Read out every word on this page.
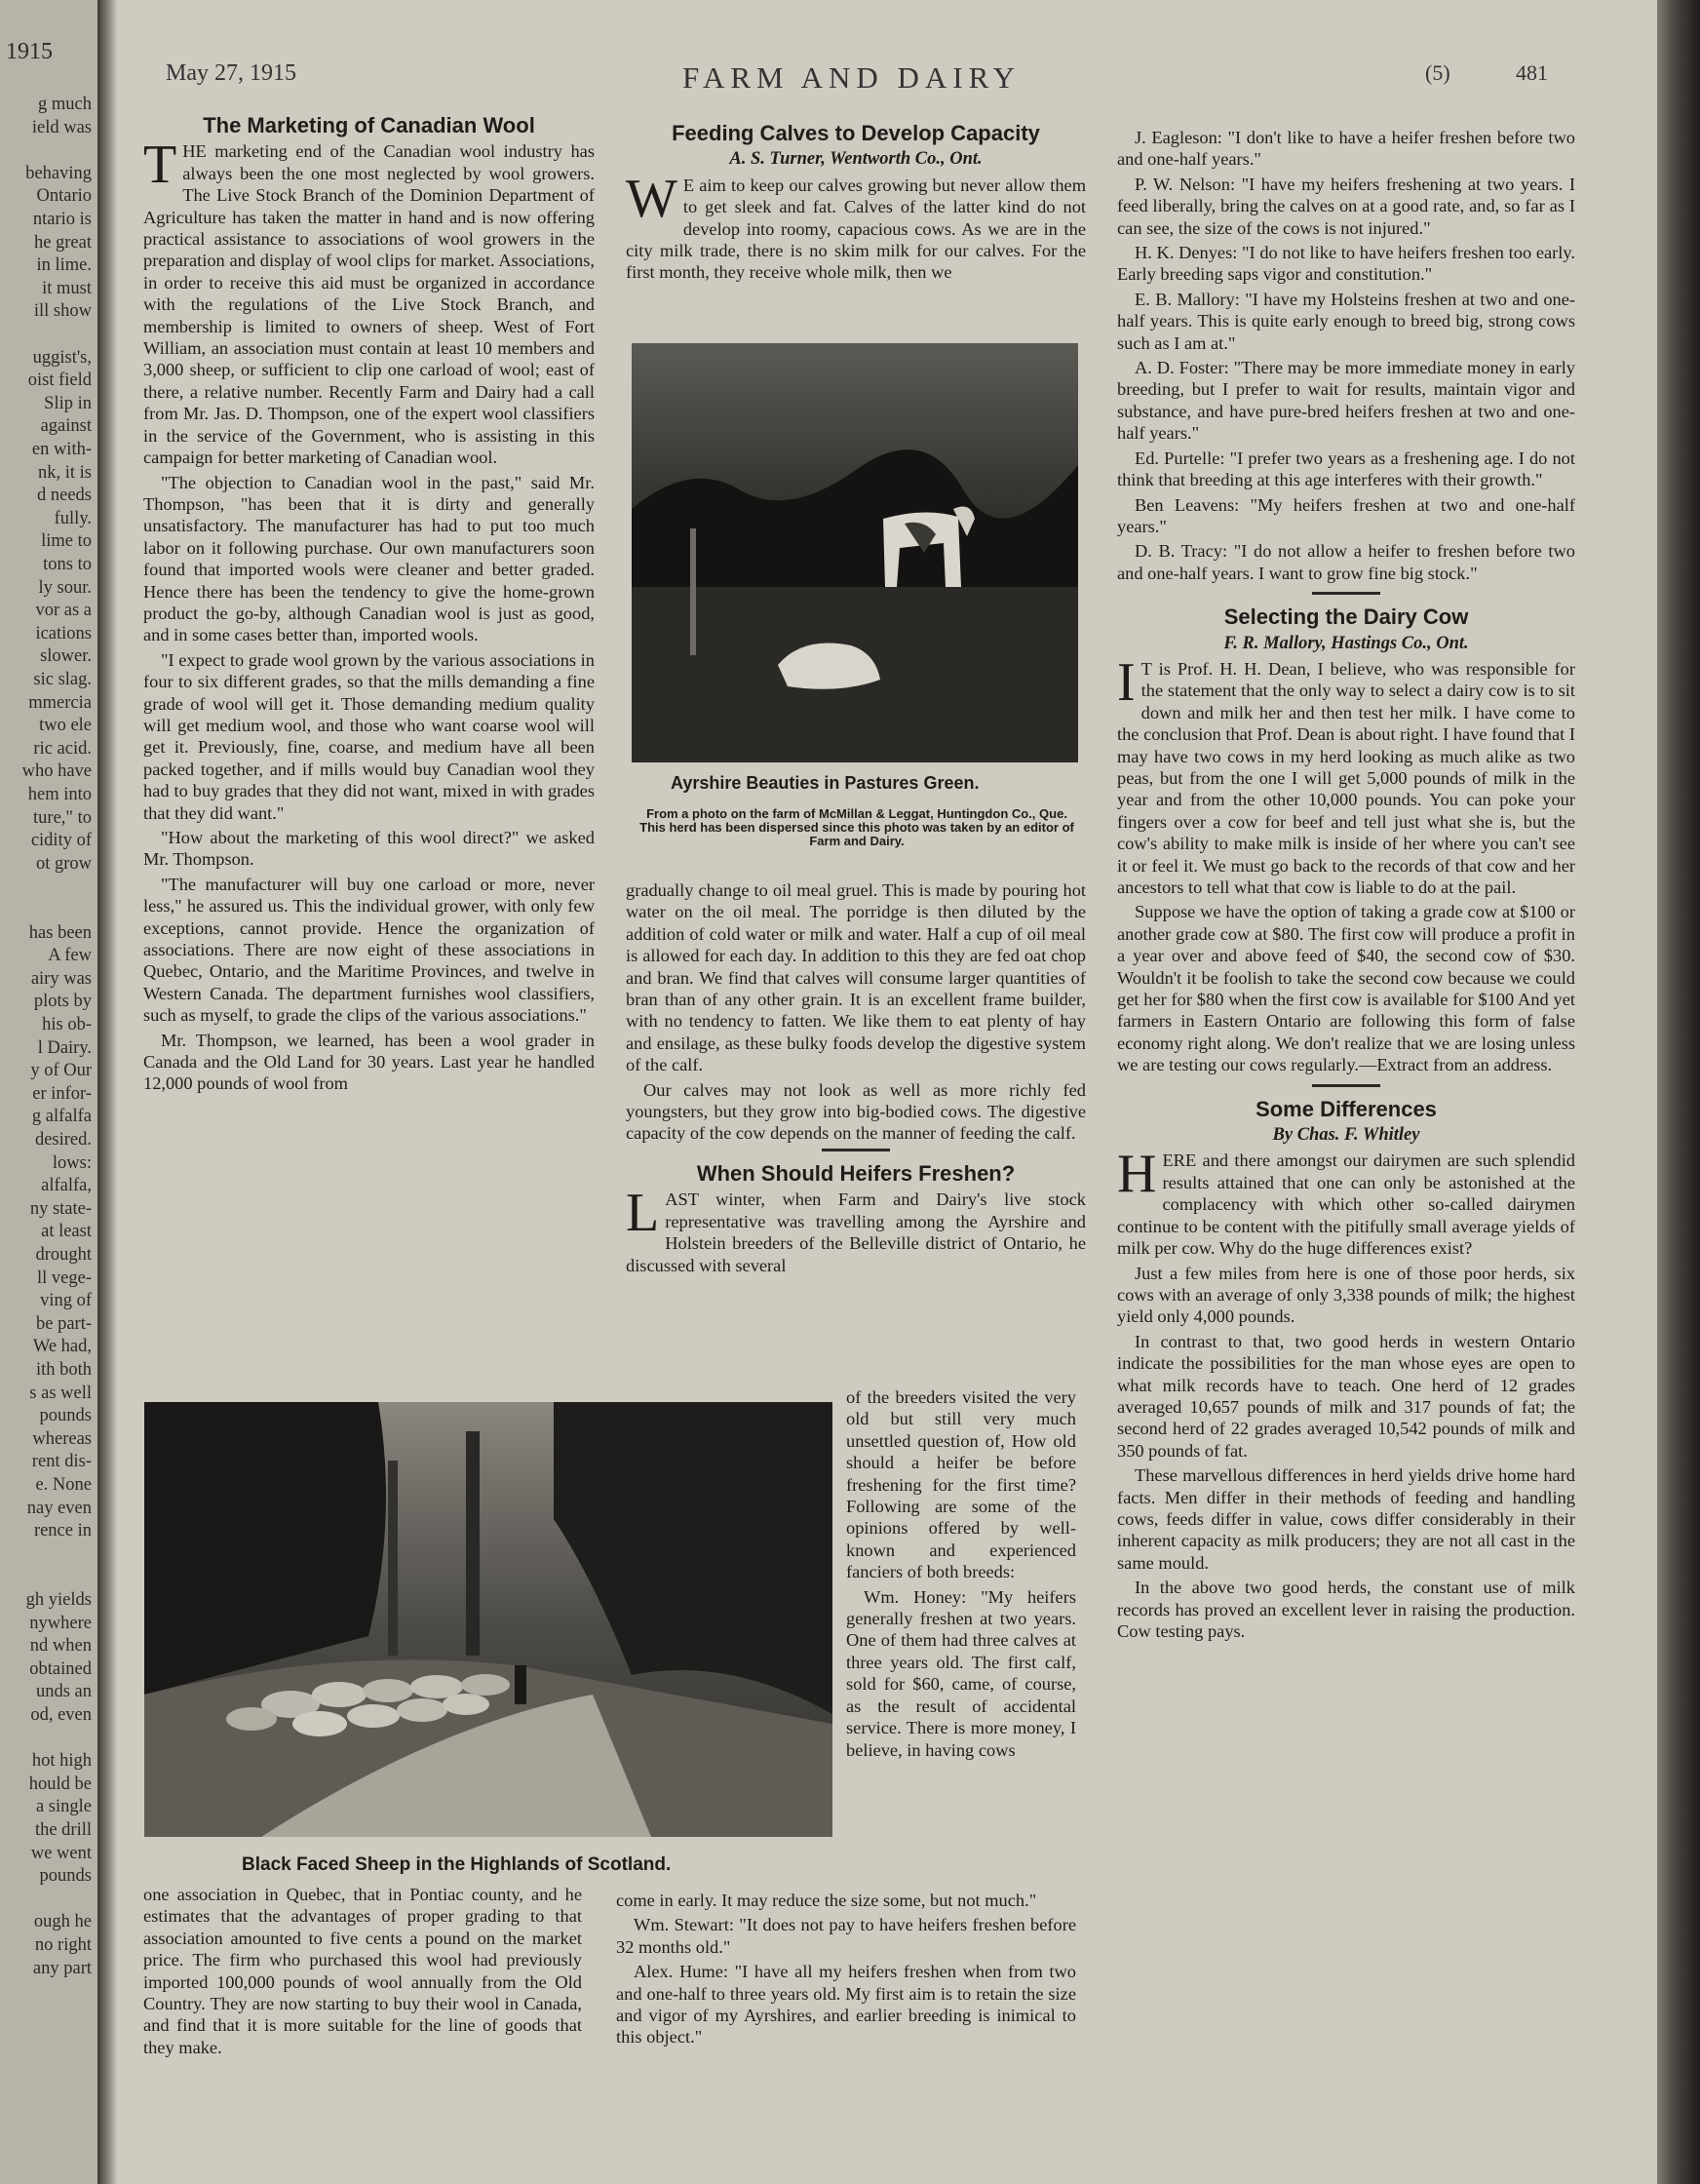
1915
g much
ield was
behaving
Ontario
ntario is
he great
in lime.
it must
ill show
uggist's,
oist field
Slip in
against
en with-
nk, it is
d needs
fully.
lime to
tons to
ly sour.
vor as a
ications
slower.
sic slag.
mmercia
two ele
ric acid.
who have
hem into
ture," to
cidity of
ot grow
has been
A few
airy was
plots by
his ob-
l Dairy.
y of Our
er infor-
g alfalfa
desired.
lows:
alfalfa,
ny state-
at least
drought
ll vege-
ving of
be part-
We had,
ith both
s as well
pounds
whereas
rent dis-
e. None
nay even
rence in
gh yields
nywhere
nd when
obtained
unds an
od, even
hot high
hould be
a single
the drill
we went
pounds
ough he
no right
any part
May 27, 1915	FARM AND DAIRY	(5)	481
The Marketing of Canadian Wool

THE marketing end of the Canadian wool industry has always been the one most neglected by wool growers. The Live Stock Branch of the Dominion Department of Agriculture has taken the matter in hand and is now offering practical assistance to associations of wool growers in the preparation and display of wool clips for market. Associations, in order to receive this aid must be organized in accordance with the regulations of the Live Stock Branch, and membership is limited to owners of sheep. West of Fort William, an association must contain at least 10 members and 3,000 sheep, or sufficient to clip one carload of wool; east of there, a relative number. Recently Farm and Dairy had a call from Mr. Jas. D. Thompson, one of the expert wool classifiers in the service of the Government, who is assisting in this campaign for better marketing of Canadian wool.

"The objection to Canadian wool in the past," said Mr. Thompson, "has been that it is dirty and generally unsatisfactory. The manufacturer has had to put too much labor on it following purchase. Our own manufacturers soon found that imported wools were cleaner and better graded. Hence there has been the tendency to give the home-grown product the go-by, although Canadian wool is just as good, and in some cases better than, imported wools.

"I expect to grade wool grown by the various associations in four to six different grades, so that the mills demanding a fine grade of wool will get it. Those demanding medium quality will get medium wool, and those who want coarse wool will get it. Previously, fine, coarse, and medium have all been packed together, and if mills would buy Canadian wool they had to buy grades that they did not want, mixed in with grades that they did want."

"How about the marketing of this wool direct?" we asked Mr. Thompson.

"The manufacturer will buy one carload or more, never less," he assured us. This the individual grower, with only few exceptions, cannot provide. Hence the organization of associations. There are now eight of these associations in Quebec, Ontario, and the Maritime Provinces, and twelve in Western Canada. The department furnishes wool classifiers, such as myself, to grade the clips of the various associations."

Mr. Thompson, we learned, has been a wool grader in Canada and the Old Land for 30 years. Last year he handled 12,000 pounds of wool from

Feeding Calves to Develop Capacity
A. S. Turner, Wentworth Co., Ont.

W E aim to keep our calves growing but never allow them to get sleek and fat. Calves of the latter kind do not develop into roomy, capacious cows. As we are in the city milk trade, there is no skim milk for our calves. For the first month, they receive whole milk, then we

Ayrshire Beauties in Pastures Green.
From a photo on the farm of McMillan & Leggat, Huntingdon Co., Que. This herd has been dispersed since this photo was taken by an editor of Farm and Dairy.

gradually change to oil meal gruel. This is made by pouring hot water on the oil meal. The porridge is then diluted by the addition of cold water or milk and water. Half a cup of oil meal is allowed for each day. In addition to this they are fed oat chop and bran. We find that calves will consume larger quantities of bran than of any other grain. It is an excellent frame builder, with no tendency to fatten. We like them to eat plenty of hay and ensilage, as these bulky foods develop the digestive system of the calf.

Our calves may not look as well as more richly fed youngsters, but they grow into big-bodied cows. The digestive capacity of the cow depends on the manner of feeding the calf.

When Should Heifers Freshen?

LAST winter, when Farm and Dairy's live stock representative was travelling among the Ayrshire and Holstein breeders of the Belleville district of Ontario, he discussed with several

of the breeders visited the very old but still very much unsettled question of, How old should a heifer be before freshening for the first time? Following are some of the opinions offered by well-known and experienced fanciers of both breeds:

Wm. Honey: "My heifers generally freshen at two years. One of them had three calves at three years old. The first calf, sold for $60, came, of course, as the result of accidental service. There is more money, I believe, in having cows

Black Faced Sheep in the Highlands of Scotland.

one association in Quebec, that in Pontiac county, and he estimates that the advantages of proper grading to that association amounted to five cents a pound on the market price. The firm who purchased this wool had previously imported 100,000 pounds of wool annually from the Old Country. They are now starting to buy their wool in Canada, and find that it is more suitable for the line of goods that they make.

come in early. It may reduce the size some, but not much."

Wm. Stewart: "It does not pay to have heifers freshen before 32 months old."

Alex. Hume: "I have all my heifers freshen when from two and one-half to three years old. My first aim is to retain the size and vigor of my Ayrshires, and earlier breeding is inimical to this object."

J. Eagleson: "I don't like to have a heifer freshen before two and one-half years."

P. W. Nelson: "I have my heifers freshening at two years. I feed liberally, bring the calves on at a good rate, and, so far as I can see, the size of the cows is not injured."

H. K. Denyes: "I do not like to have heifers freshen too early. Early breeding saps vigor and constitution."

E. B. Mallory: "I have my Holsteins freshen at two and one-half years. This is quite early enough to breed big, strong cows such as I am at."

A. D. Foster: "There may be more immediate money in early breeding, but I prefer to wait for results, maintain vigor and substance, and have pure-bred heifers freshen at two and one-half years."

Ed. Purtelle: "I prefer two years as a freshening age. I do not think that breeding at this age interferes with their growth."

Ben Leavens: "My heifers freshen at two and one-half years."

D. B. Tracy: "I do not allow a heifer to freshen before two and one-half years. I want to grow fine big stock."

Selecting the Dairy Cow
F. R. Mallory, Hastings Co., Ont.

I T is Prof. H. H. Dean, I believe, who was responsible for the statement that the only way to select a dairy cow is to sit down and milk her and then test her milk. I have come to the conclusion that Prof. Dean is about right. I have found that I may have two cows in my herd looking as much alike as two peas, but from the one I will get 5,000 pounds of milk in the year and from the other 10,000 pounds. You can poke your fingers over a cow for beef and tell just what she is, but the cow's ability to make milk is inside of her where you can't see it or feel it. We must go back to the records of that cow and her ancestors to tell what that cow is liable to do at the pail.

Suppose we have the option of taking a grade cow at $100 or another grade cow at $80. The first cow will produce a profit in a year over and above feed of $40, the second cow of $30. Wouldn't it be foolish to take the second cow because we could get her for $80 when the first cow is available for $100 And yet farmers in Eastern Ontario are following this form of false economy right along. We don't realize that we are losing unless we are testing our cows regularly.—Extract from an address.

Some Differences
By Chas. F. Whitley

HERE and there amongst our dairymen are such splendid results attained that one can only be astonished at the complacency with which other so-called dairymen continue to be content with the pitifully small average yields of milk per cow. Why do the huge differences exist?

Just a few miles from here is one of those poor herds, six cows with an average of only 3,338 pounds of milk; the highest yield only 4,000 pounds.

In contrast to that, two good herds in western Ontario indicate the possibilities for the man whose eyes are open to what milk records have to teach. One herd of 12 grades averaged 10,657 pounds of milk and 317 pounds of fat; the second herd of 22 grades averaged 10,542 pounds of milk and 350 pounds of fat.

These marvellous differences in herd yields drive home hard facts. Men differ in their methods of feeding and handling cows, feeds differ in value, cows differ considerably in their inherent capacity as milk producers; they are not all cast in the same mould.

In the above two good herds, the constant use of milk records has proved an excellent lever in raising the production. Cow testing pays.
